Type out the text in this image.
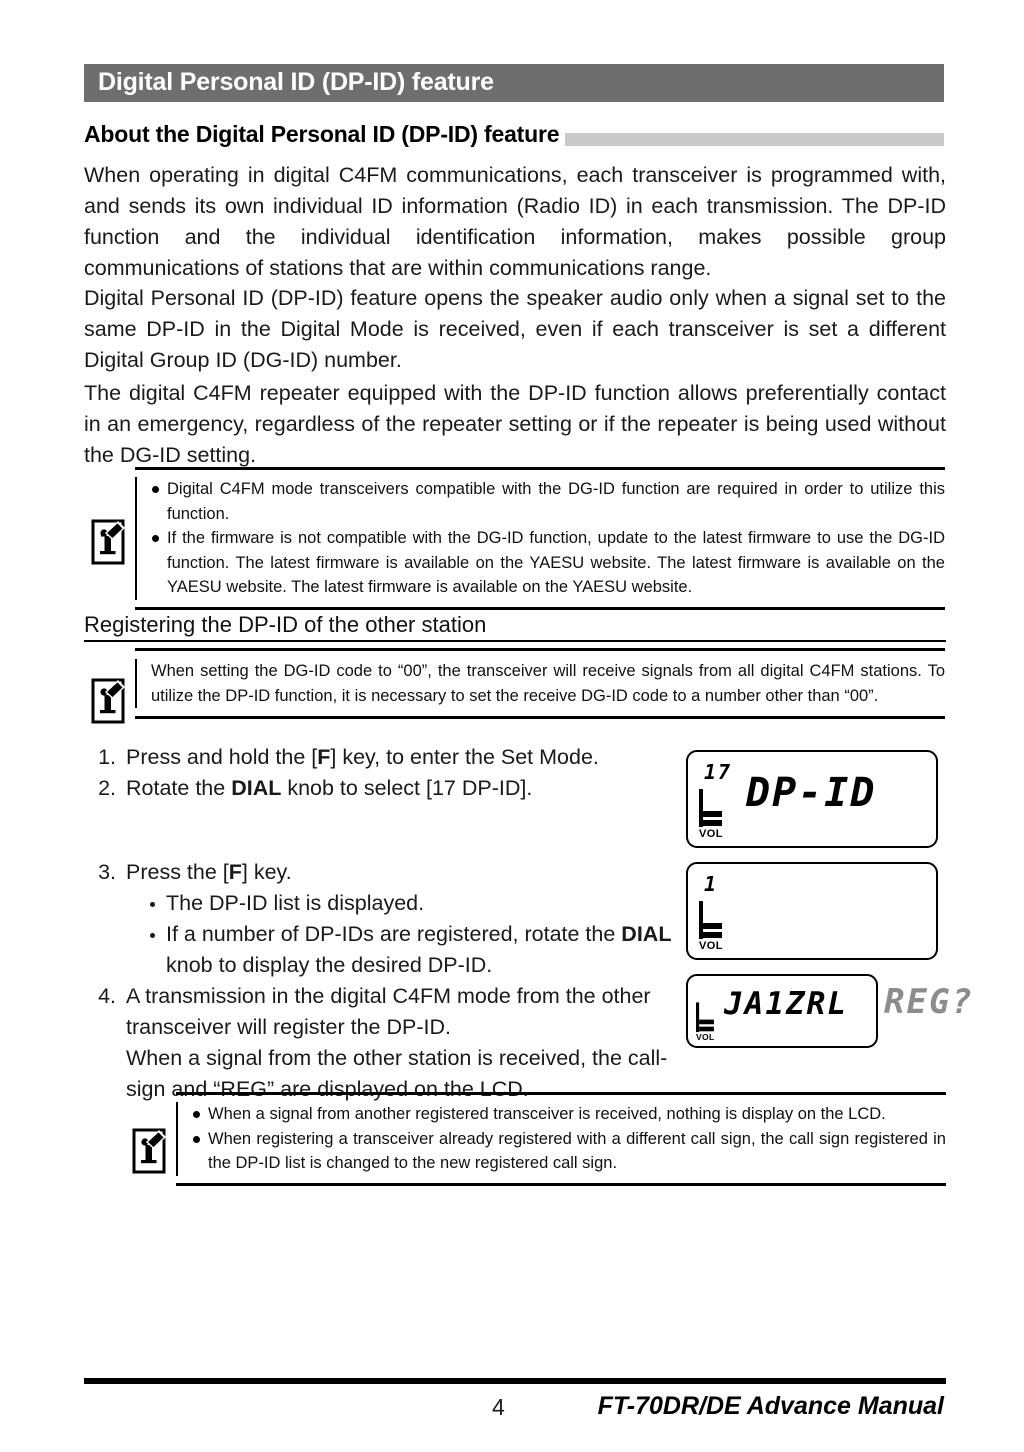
Digital Personal ID (DP-ID) feature
About the Digital Personal ID (DP-ID) feature
When operating in digital C4FM communications, each transceiver is programmed with, and sends its own individual ID information (Radio ID) in each transmission. The DP-ID function and the individual identification information, makes possible group communications of stations that are within communications range.
Digital Personal ID (DP-ID) feature opens the speaker audio only when a signal set to the same DP-ID in the Digital Mode is received, even if each transceiver is set a different Digital Group ID (DG-ID) number.
The digital C4FM repeater equipped with the DP-ID function allows preferentially contact in an emergency, regardless of the repeater setting or if the repeater is being used without the DG-ID setting.
Digital C4FM mode transceivers compatible with the DG-ID function are required in order to utilize this function.
If the firmware is not compatible with the DG-ID function, update to the latest firmware to use the DG-ID function. The latest firmware is available on the YAESU website. The latest firmware is available on the YAESU website. The latest firmware is available on the YAESU website.
Registering the DP-ID of the other station
When setting the DG-ID code to “00”, the transceiver will receive signals from all digital C4FM stations. To utilize the DP-ID function, it is necessary to set the receive DG-ID code to a number other than “00”.
1. Press and hold the [F] key, to enter the Set Mode.
2. Rotate the DIAL knob to select [17 DP-ID].
3. Press the [F] key.
The DP-ID list is displayed.
If a number of DP-IDs are registered, rotate the DIAL knob to display the desired DP-ID.
4. A transmission in the digital C4FM mode from the other transceiver will register the DP-ID.
When a signal from the other station is received, the call-sign and “REG” are displayed on the LCD.
17 DP-ID
VOL
1
VOL
JA1ZRL
VOL
REG?
When a signal from another registered transceiver is received, nothing is display on the LCD.
When registering a transceiver already registered with a different call sign, the call sign registered in the DP-ID list is changed to the new registered call sign.
4	FT-70DR/DE Advance Manual
